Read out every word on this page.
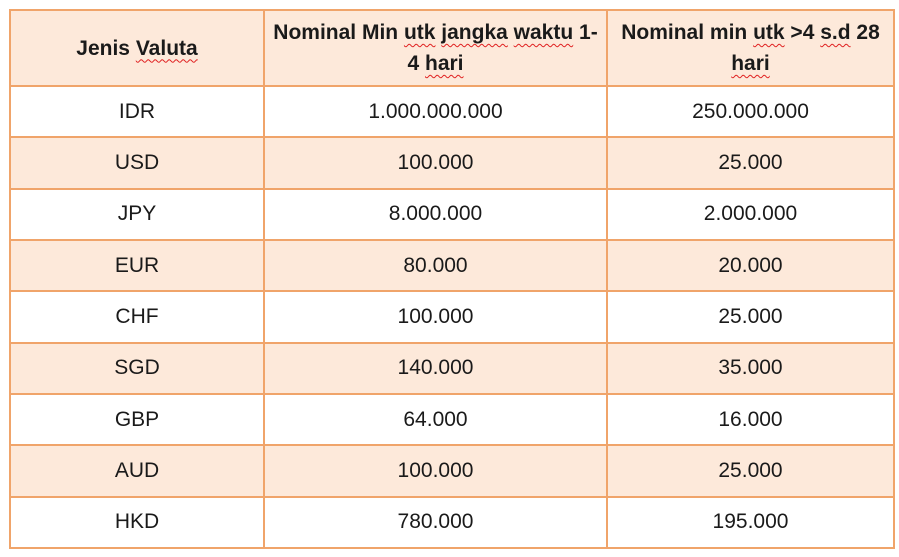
Jenis Valuta	Nominal Min utk jangka waktu 1-4 hari	Nominal min utk >4 s.d 28 hari
IDR	1.000.000.000	250.000.000
USD	100.000	25.000
JPY	8.000.000	2.000.000
EUR	80.000	20.000
CHF	100.000	25.000
SGD	140.000	35.000
GBP	64.000	16.000
AUD	100.000	25.000
HKD	780.000	195.000
